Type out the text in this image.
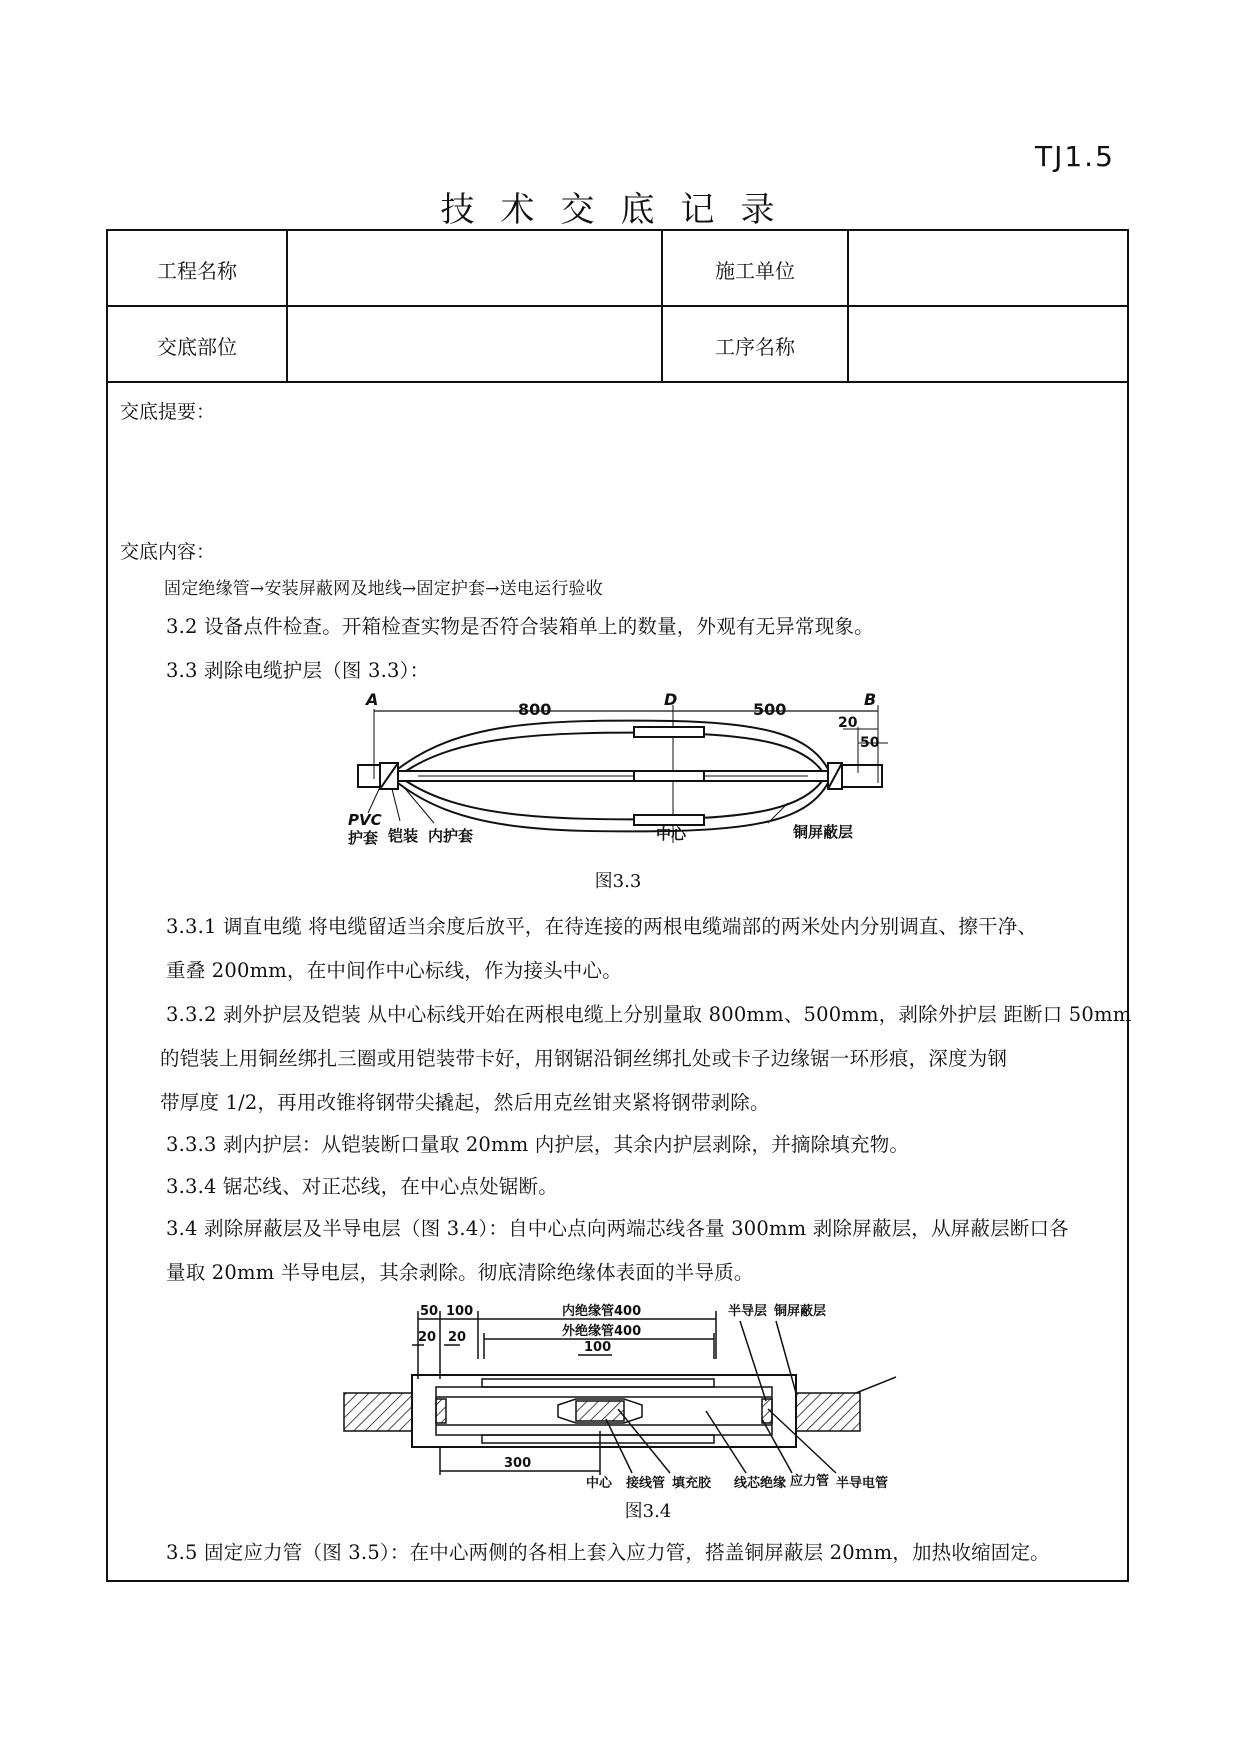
TJ1.5
技术交底记录
工程名称	施工单位
交底部位	工序名称
交底提要：
交底内容：
固定绝缘管→安装屏蔽网及地线→固定护套→送电运行验收
3.2 设备点件检查。开箱检查实物是否符合装箱单上的数量，外观有无异常现象。
3.3 剥除电缆护层（图 3.3）：
A
800
D
500
B
20
50
PVC
护套 铠装 内护套	中心	铜屏蔽层
图3.3
3.3.1 调直电缆 将电缆留适当余度后放平，在待连接的两根电缆端部的两米处内分别调直、擦干净、
重叠 200mm，在中间作中心标线，作为接头中心。
3.3.2 剥外护层及铠装 从中心标线开始在两根电缆上分别量取 800mm、500mm，剥除外护层 距断口 50mm
的铠装上用铜丝绑扎三圈或用铠装带卡好，用钢锯沿铜丝绑扎处或卡子边缘锯一环形痕，深度为钢
带厚度 1/2，再用改锥将钢带尖撬起，然后用克丝钳夹紧将钢带剥除。
3.3.3 剥内护层：从铠装断口量取 20mm 内护层，其余内护层剥除，并摘除填充物。
3.3.4 锯芯线、对正芯线，在中心点处锯断。
3.4 剥除屏蔽层及半导电层（图 3.4）：自中心点向两端芯线各量 300mm 剥除屏蔽层，从屏蔽层断口各
量取 20mm 半导电层，其余剥除。彻底清除绝缘体表面的半导质。
50 100
20 20
内绝缘管400
外绝缘管400
100
半导层 铜屏蔽层
300
中心 接线管 填充胶 线芯绝缘 应力管 半导电管
图3.4
3.5 固定应力管（图 3.5）：在中心两侧的各相上套入应力管，搭盖铜屏蔽层 20mm，加热收缩固定。
